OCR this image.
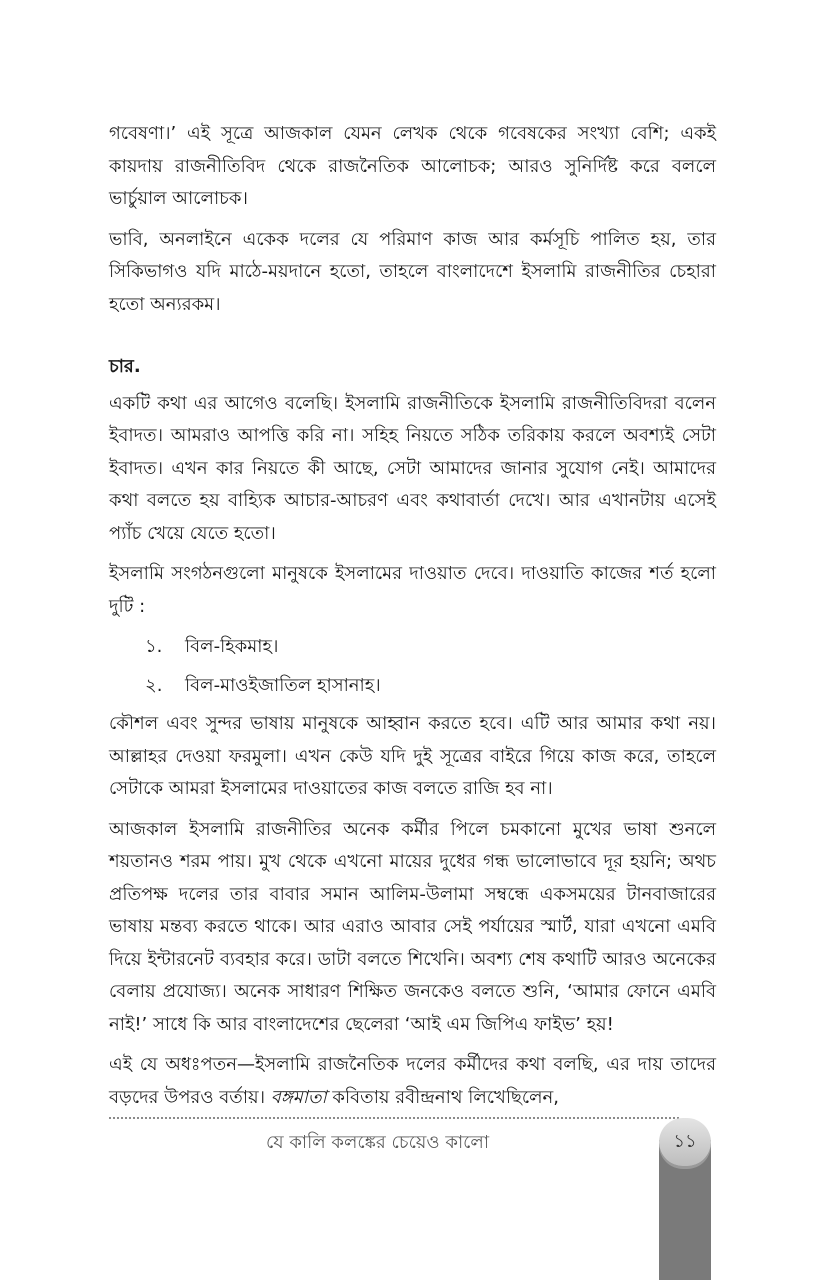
গবেষণা।’ এই সূত্রে আজকাল যেমন লেখক থেকে গবেষকের সংখ্যা বেশি; একই কায়দায় রাজনীতিবিদ থেকে রাজনৈতিক আলোচক; আরও সুনির্দিষ্ট করে বললে ভার্চুয়াল আলোচক।

ভাবি, অনলাইনে একেক দলের যে পরিমাণ কাজ আর কর্মসূচি পালিত হয়, তার সিকিভাগও যদি মাঠে-ময়দানে হতো, তাহলে বাংলাদেশে ইসলামি রাজনীতির চেহারা হতো অন্যরকম।

চার.

একটি কথা এর আগেও বলেছি। ইসলামি রাজনীতিকে ইসলামি রাজনীতিবিদরা বলেন ইবাদত। আমরাও আপত্তি করি না। সহিহ নিয়তে সঠিক তরিকায় করলে অবশ্যই সেটা ইবাদত। এখন কার নিয়তে কী আছে, সেটা আমাদের জানার সুযোগ নেই। আমাদের কথা বলতে হয় বাহ্যিক আচার-আচরণ এবং কথাবার্তা দেখে। আর এখানটায় এসেই প্যাঁচ খেয়ে যেতে হতো।

ইসলামি সংগঠনগুলো মানুষকে ইসলামের দাওয়াত দেবে। দাওয়াতি কাজের শর্ত হলো দুটি :

১.	বিল-হিকমাহ।
২.	বিল-মাওইজাতিল হাসানাহ।

কৌশল এবং সুন্দর ভাষায় মানুষকে আহ্বান করতে হবে। এটি আর আমার কথা নয়। আল্লাহর দেওয়া ফরমুলা। এখন কেউ যদি দুই সূত্রের বাইরে গিয়ে কাজ করে, তাহলে সেটাকে আমরা ইসলামের দাওয়াতের কাজ বলতে রাজি হব না।

আজকাল ইসলামি রাজনীতির অনেক কর্মীর পিলে চমকানো মুখের ভাষা শুনলে শয়তানও শরম পায়। মুখ থেকে এখনো মায়ের দুধের গন্ধ ভালোভাবে দূর হয়নি; অথচ প্রতিপক্ষ দলের তার বাবার সমান আলিম-উলামা সম্বন্ধে একসময়ের টানবাজারের ভাষায় মন্তব্য করতে থাকে। আর এরাও আবার সেই পর্যায়ের স্মার্ট, যারা এখনো এমবি দিয়ে ইন্টারনেট ব্যবহার করে। ডাটা বলতে শিখেনি। অবশ্য শেষ কথাটি আরও অনেকের বেলায় প্রযোজ্য। অনেক সাধারণ শিক্ষিত জনকেও বলতে শুনি, ‘আমার ফোনে এমবি নাই!’ সাধে কি আর বাংলাদেশের ছেলেরা ‘আই এম জিপিএ ফাইভ’ হয়!

এই যে অধঃপতন—ইসলামি রাজনৈতিক দলের কর্মীদের কথা বলছি, এর দায় তাদের বড়দের উপরও বর্তায়। বঙ্গমাতা কবিতায় রবীন্দ্রনাথ লিখেছিলেন,

যে কালি কলঙ্কের চেয়েও কালো	১১
